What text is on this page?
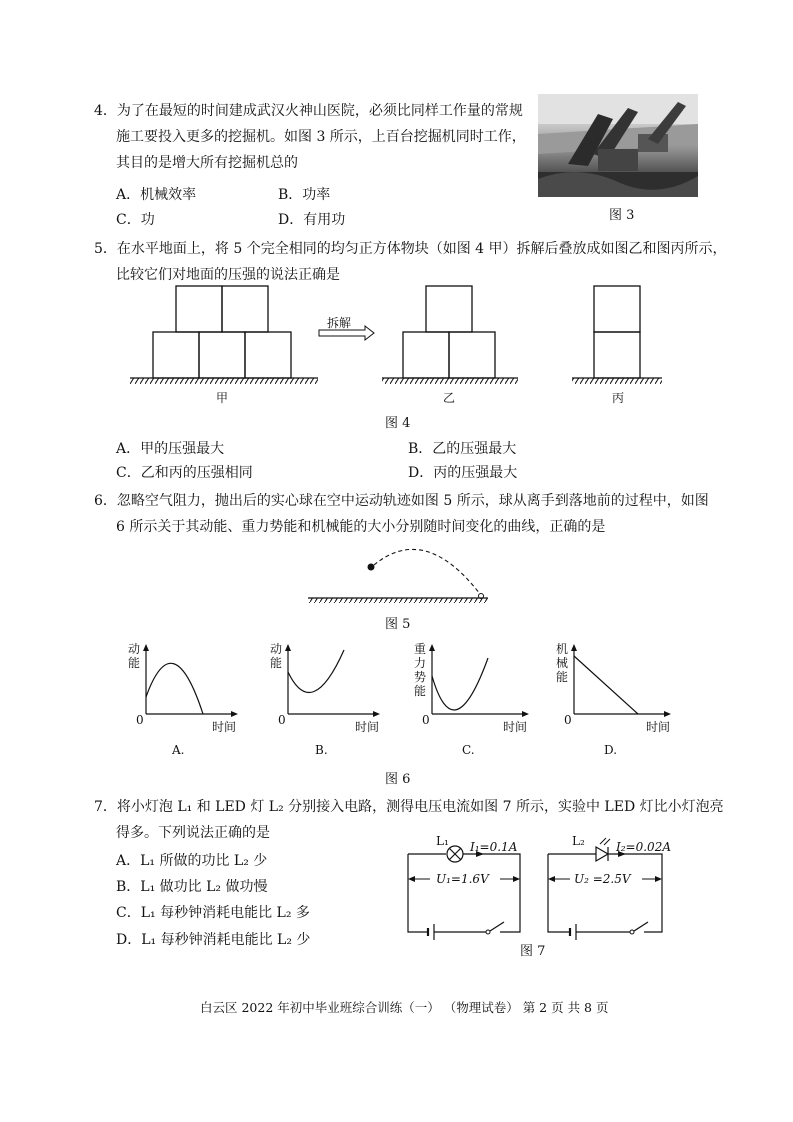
4．为了在最短的时间建成武汉火神山医院，必须比同样工作量的常规
施工要投入更多的挖掘机。如图 3 所示，上百台挖掘机同时工作，
其目的是增大所有挖掘机总的
A．机械效率	B．功率
C．功	D．有用功	图 3
5．在水平地面上，将 5 个完全相同的均匀正方体物块（如图 4 甲）拆解后叠放成如图乙和图丙所示，
比较它们对地面的压强的说法正确是
拆解
甲	乙	丙
图 4
A．甲的压强最大	B．乙的压强最大
C．乙和丙的压强相同	D．丙的压强最大
6．忽略空气阻力，抛出后的实心球在空中运动轨迹如图 5 所示，球从离手到落地前的过程中，如图
6 所示关于其动能、重力势能和机械能的大小分别随时间变化的曲线，正确的是
图 5
动
能
0	时间
A.
动
能
0	时间
B.
重
力
势
能
0	时间
C.
机
械
能
0	时间
D.
图 6
7．将小灯泡 L₁ 和 LED 灯 L₂ 分别接入电路，测得电压电流如图 7 所示，实验中 LED 灯比小灯泡亮
得多。下列说法正确的是
A．L₁ 所做的功比 L₂ 少
B．L₁ 做功比 L₂ 做功慢
C．L₁ 每秒钟消耗电能比 L₂ 多
D．L₁ 每秒钟消耗电能比 L₂ 少
L₁ I₁=0.1A
U₁=1.6V
L₂	I₂=0.02A
U₂ =2.5V
图 7
白云区 2022 年初中毕业班综合训练（一） （物理试卷） 第 2 页 共 8 页
